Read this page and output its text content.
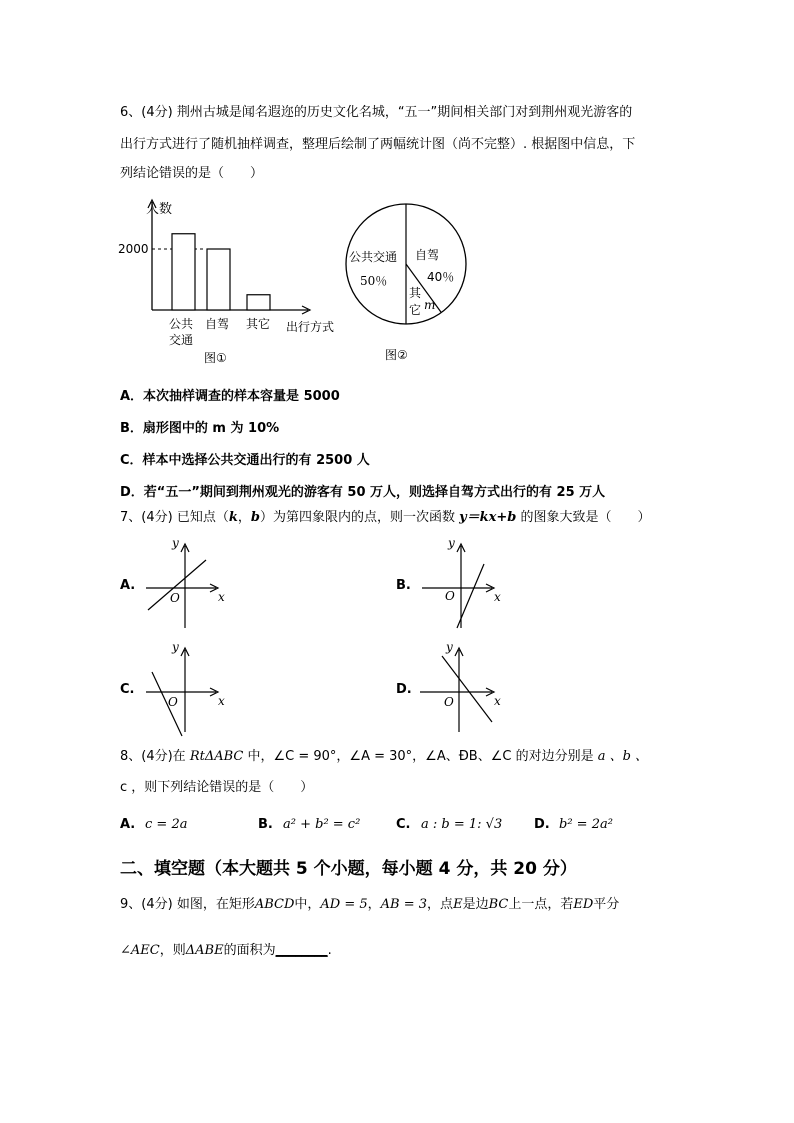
6、(4分) 荆州古城是闻名遐迩的历史文化名城，“五一”期间相关部门对到荆州观光游客的
出行方式进行了随机抽样调查，整理后绘制了两幅统计图（尚不完整）. 根据图中信息，下
列结论错误的是（　　）
人数
2000
公共
交通
自驾 其它 出行方式
图①
公共交通
50％
自驾
40％
其
它 m
图②
A．本次抽样调查的样本容量是 5000
B．扇形图中的 m 为 10%
C．样本中选择公共交通出行的有 2500 人
D．若“五一”期间到荆州观光的游客有 50 万人，则选择自驾方式出行的有 25 万人
7、(4分) 已知点（k，b）为第四象限内的点，则一次函数 y＝kx+b 的图象大致是（　　）
A.
y
x
O
B.
y
x
O
C.
y
x
O
D.
y
x
O
8、(4分)在 RtΔABC 中，∠C = 90°，∠A = 30°，∠A、ÐB、∠C 的对边分别是 a 、b 、
c ，则下列结论错误的是（　　）
A. c = 2a	B. a² + b² = c²	C. a : b = 1: √3 D. b² = 2a²
二、填空题（本大题共 5 个小题，每小题 4 分，共 20 分）
9、(4分) 如图，在矩形ABCD中，AD = 5，AB = 3，点E是边BC上一点，若ED平分
∠AEC，则ΔABE的面积为________.
